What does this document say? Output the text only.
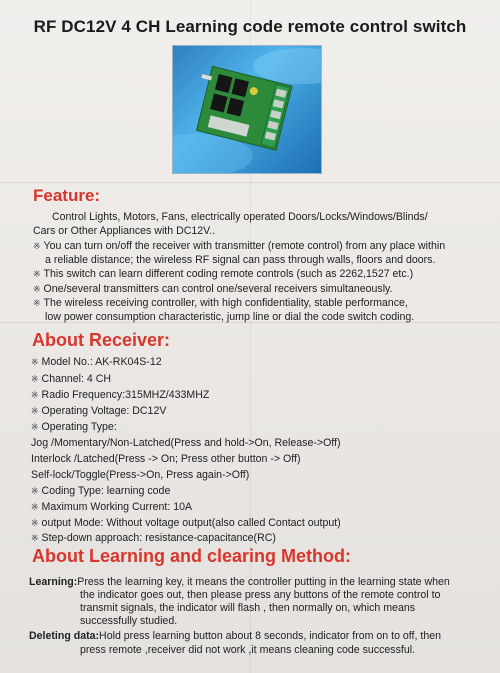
RF DC12V 4 CH Learning code remote control switch
Feature:
Control Lights, Motors, Fans, electrically operated Doors/Locks/Windows/Blinds/
Cars or Other Appliances with DC12V..
※ You can turn on/off the receiver with transmitter (remote control) from any place within
a reliable distance; the wireless RF signal can pass through walls, floors and doors.
※ This switch can learn different coding remote controls (such as 2262,1527 etc.)
※ One/several transmitters can control one/several receivers simultaneously.
※ The wireless receiving controller, with high confidentiality, stable performance,
low power consumption characteristic, jump line or dial the code switch coding.
About Receiver:
※ Model No.: AK-RK04S-12
※ Channel: 4 CH
※ Radio Frequency:315MHZ/433MHZ
※ Operating Voltage: DC12V
※ Operating Type:
Jog /Momentary/Non-Latched(Press and hold->On, Release->Off)
Interlock /Latched(Press -> On; Press other button -> Off)
Self-lock/Toggle(Press->On, Press again->Off)
※ Coding Type: learning code
※ Maximum Working Current: 10A
※ output Mode: Without voltage output(also called Contact output)
※ Step-down approach: resistance-capacitance(RC)
About Learning and clearing Method:
Learning:Press the learning key, it means the controller putting in the learning state when
the indicator goes out, then please press any buttons of the remote control to
transmit signals, the indicator will flash , then normally on, which means
successfully studied.
Deleting data:Hold press learning button about 8 seconds, indicator from on to off, then
press remote ,receiver did not work ,it means cleaning code successful.
